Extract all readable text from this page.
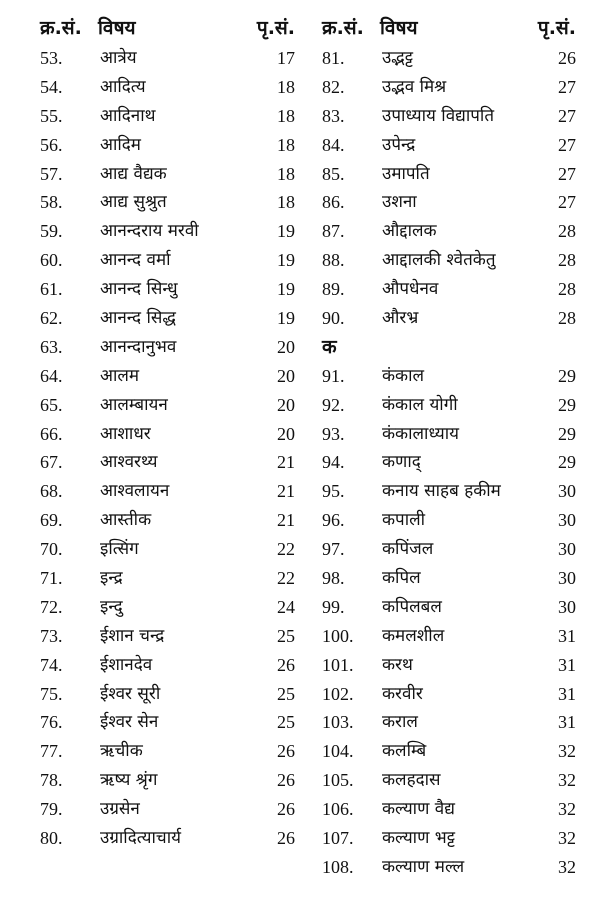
क्र.सं. विषय	पृ.सं.
53. आत्रेय	17
54. आदित्य	18
55. आदिनाथ	18
56. आदिम	18
57. आद्य वैद्यक	18
58. आद्य सुश्रुत	18
59. आनन्दराय मरवी	19
60. आनन्द वर्मा	19
61. आनन्द सिन्धु	19
62. आनन्द सिद्ध	19
63. आनन्दानुभव	20
64. आलम	20
65. आलम्बायन	20
66. आशाधर	20
67. आश्वरथ्य	21
68. आश्वलायन	21
69. आस्तीक	21
70. इत्सिंग	22
71. इन्द्र	22
72. इन्दु	24
73. ईशान चन्द्र	25
74. ईशानदेव	26
75. ईश्वर सूरी	25
76. ईश्वर सेन	25
77. ऋचीक	26
78. ऋष्य श्रृंग	26
79. उग्रसेन	26
80. उग्रादित्याचार्य	26
क्र.सं. विषय	पृ.सं.
81. उद्भट्ट	26
82. उद्भव मिश्र	27
83. उपाध्याय विद्यापति	27
84. उपेन्द्र	27
85. उमापति	27
86. उशना	27
87. औद्दालक	28
88. आद्दालकी श्वेतकेतु	28
89. औपधेनव	28
90. औरभ्र	28
क
91. कंकाल	29
92. कंकाल योगी	29
93. कंकालाध्याय	29
94. कणाद्	29
95. कनाय साहब हकीम	30
96. कपाली	30
97. कपिंजल	30
98. कपिल	30
99. कपिलबल	30
100. कमलशील	31
101. करथ	31
102. करवीर	31
103. कराल	31
104. कलम्बि	32
105. कलहदास	32
106. कल्याण वैद्य	32
107. कल्याण भट्ट	32
108. कल्याण मल्ल	32
